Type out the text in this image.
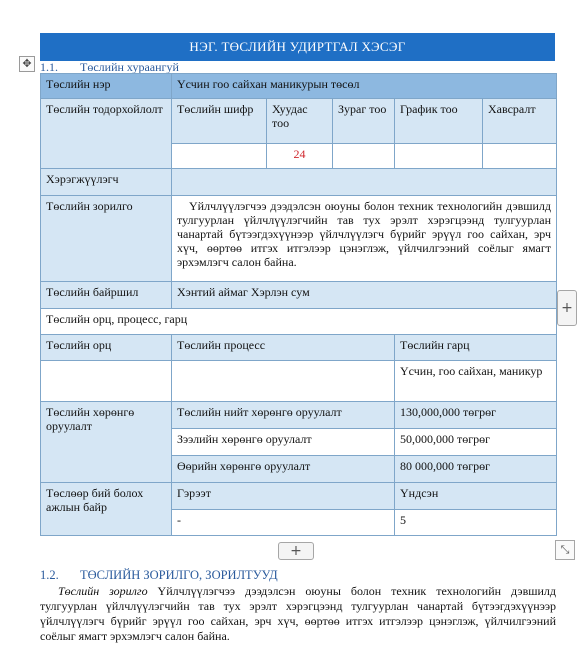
НЭГ. ТӨСЛИЙН УДИРТГАЛ ХЭСЭГ
✥ 1.1. Төслийн хураангуй
Төслийн нэр	Үсчин гоо сайхан маникурын төсөл				
Төслийн тодорхойлолт	Төслийн шифр	Хуудас тоо	Зураг тоо	График тоо	Хавсралт
		24			
Хэрэгжүүлэгч					
Төслийн зорилго	Үйлчлүүлэгчээ дээдэлсэн оюуны болон техник технологийн дэвшилд тулгуурлан үйлчлүүлэгчийн тав тух эрэлт хэрэгцээнд тулгуурлан чанартай бүтээгдэхүүнээр үйлчлүүлэгч бүрийг эрүүл гоо сайхан, эрч хүч, өөртөө итгэх итгэлээр цэнэглэж, үйлчилгээний соёлыг ямагт эрхэмлэгч салон байна.				
Төслийн байршил	Хэнтий аймаг Хэрлэн сум				
Төслийн орц, процесс, гарц					
Төслийн орц	Төслийн процесс			Төслийн гарц	
				Үсчин, гоо сайхан, маникур	
Төслийн хөрөнгө оруулалт	Төслийн нийт хөрөнгө оруулалт			130,000,000 төгрөг	
	Зээлийн хөрөнгө оруулалт			50,000,000 төгрөг	
	Өөрийн хөрөнгө оруулалт			80 000,000 төгрөг	
Төслөөр бий болох ажлын байр	Гэрээт			Үндсэн	
	-			5	
+
+	⤡
1.2. ТӨСЛИЙН ЗОРИЛГО, ЗОРИЛТУУД
Төслийн зорилго Үйлчлүүлэгчээ дээдэлсэн оюуны болон техник технологийн дэвшилд тулгуурлан үйлчлүүлэгчийн тав тух эрэлт хэрэгцээнд тулгуурлан чанартай бүтээгдэхүүнээр үйлчлүүлэгч бүрийг эрүүл гоо сайхан, эрч хүч, өөртөө итгэх итгэлээр цэнэглэж, үйлчилгээний соёлыг ямагт эрхэмлэгч салон байна.
